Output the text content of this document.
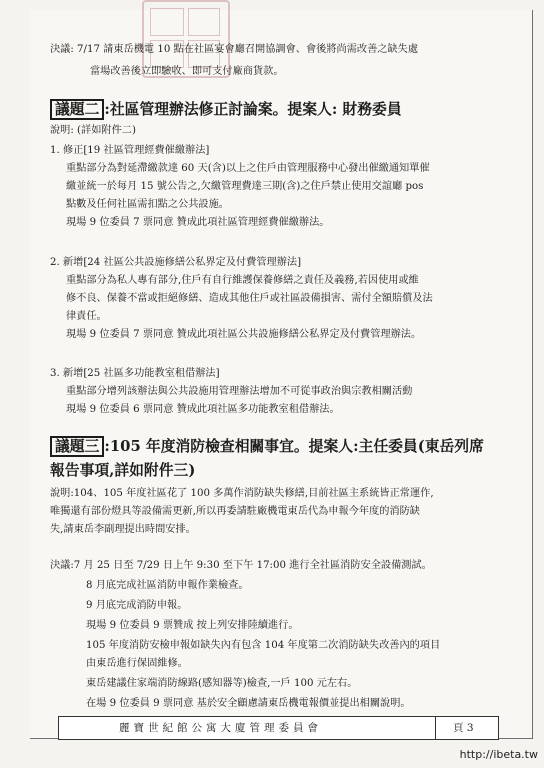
決議: 7/17 請東岳機電 10 點在社區宴會廳召開協調會、會後將尚需改善之缺失處
當場改善後立即驗收、即可支付廠商貨款。
議題二 :社區管理辦法修正討論案。提案人: 財務委員
說明: (詳如附件二)
1. 修正[19 社區管理經費催繳辦法]
重點部分為對延滯繳款達 60 天(含)以上之住戶由管理服務中心發出催繳通知單催
繳並統一於每月 15 號公告之,欠繳管理費達三期(含)之住戶禁止使用交誼廳 pos
點數及任何社區需扣點之公共設施。
現場 9 位委員 7 票同意 贊成此項社區管理經費催繳辦法。
2. 新增[24 社區公共設施修繕公私界定及付費管理辦法]
重點部分為私人專有部分,住戶有自行維護保養修繕之責任及義務,若因使用或維
修不良、保養不當或拒絕修繕、造成其他住戶或社區設備損害、需付全額賠償及法
律責任。
現場 9 位委員 7 票同意 贊成此項社區公共設施修繕公私界定及付費管理辦法。
3. 新增[25 社區多功能教室租借辦法]
重點部分增列該辦法與公共設施用管理辦法增加不可從事政治與宗教相關活動
現場 9 位委員 6 票同意 贊成此項社區多功能教室租借辦法。
議題三 :105 年度消防檢查相關事宜。提案人:主任委員(東岳列席
報告事項,詳如附件三)
說明:104、105 年度社區花了 100 多萬作消防缺失修繕,目前社區主系統皆正常運作,
唯獨還有部份燈具等設備需更新,所以再委請駐廠機電東岳代為申報今年度的消防缺
失,請東岳李副理提出時間安排。
決議:7 月 25 日至 7/29 日上午 9:30 至下午 17:00 進行全社區消防安全設備測試。
8 月底完成社區消防申報作業檢查。
9 月底完成消防申報。
現場 9 位委員 9 票贊成 按上列安排陸續進行。
105 年度消防安檢申報如缺失內有包含 104 年度第二次消防缺失改善內的項目
由東岳進行保固維修。
東岳建議住家端消防線路(感知器等)檢查,一戶 100 元左右。
在場 9 位委員 9 票同意 基於安全顧慮請東岳機電報價並提出相關說明。
麗寶世紀館公寓大廈管理委員會	頁 3
http://ibeta.tw
